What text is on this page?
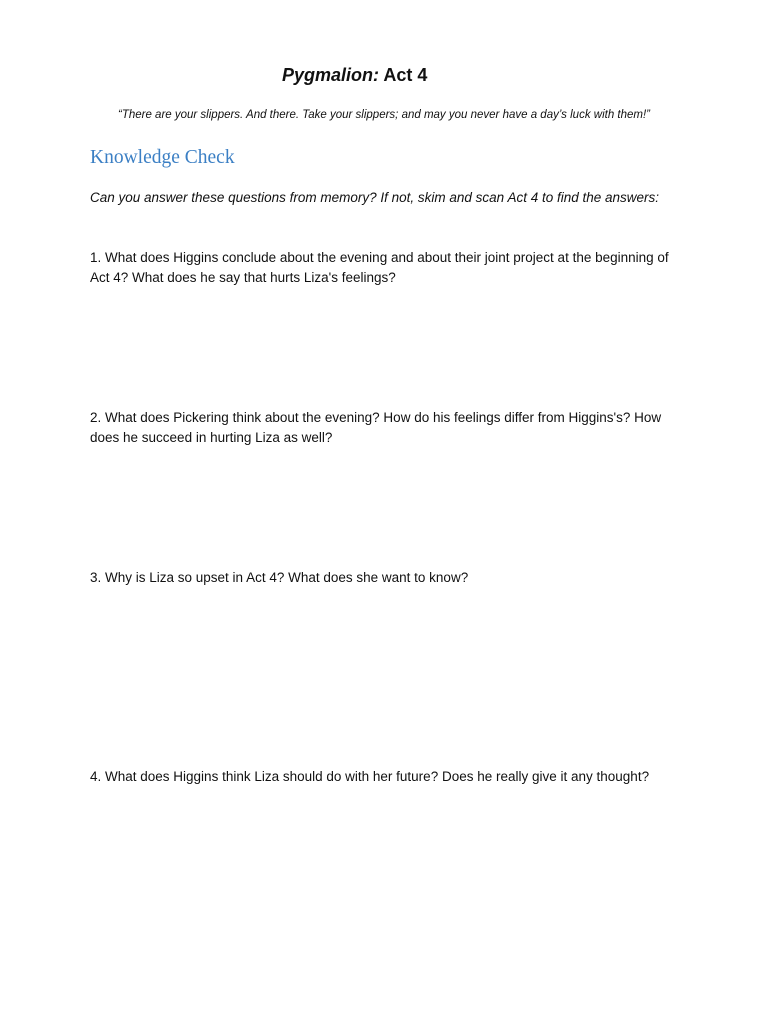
Pygmalion: Act 4
“There are your slippers. And there. Take your slippers; and may you never have a day’s luck with them!”
Knowledge Check
Can you answer these questions from memory? If not, skim and scan Act 4 to find the answers:
1. What does Higgins conclude about the evening and about their joint project at the beginning of Act 4? What does he say that hurts Liza's feelings?
2. What does Pickering think about the evening? How do his feelings differ from Higgins's? How does he succeed in hurting Liza as well?
3. Why is Liza so upset in Act 4? What does she want to know?
4. What does Higgins think Liza should do with her future? Does he really give it any thought?
